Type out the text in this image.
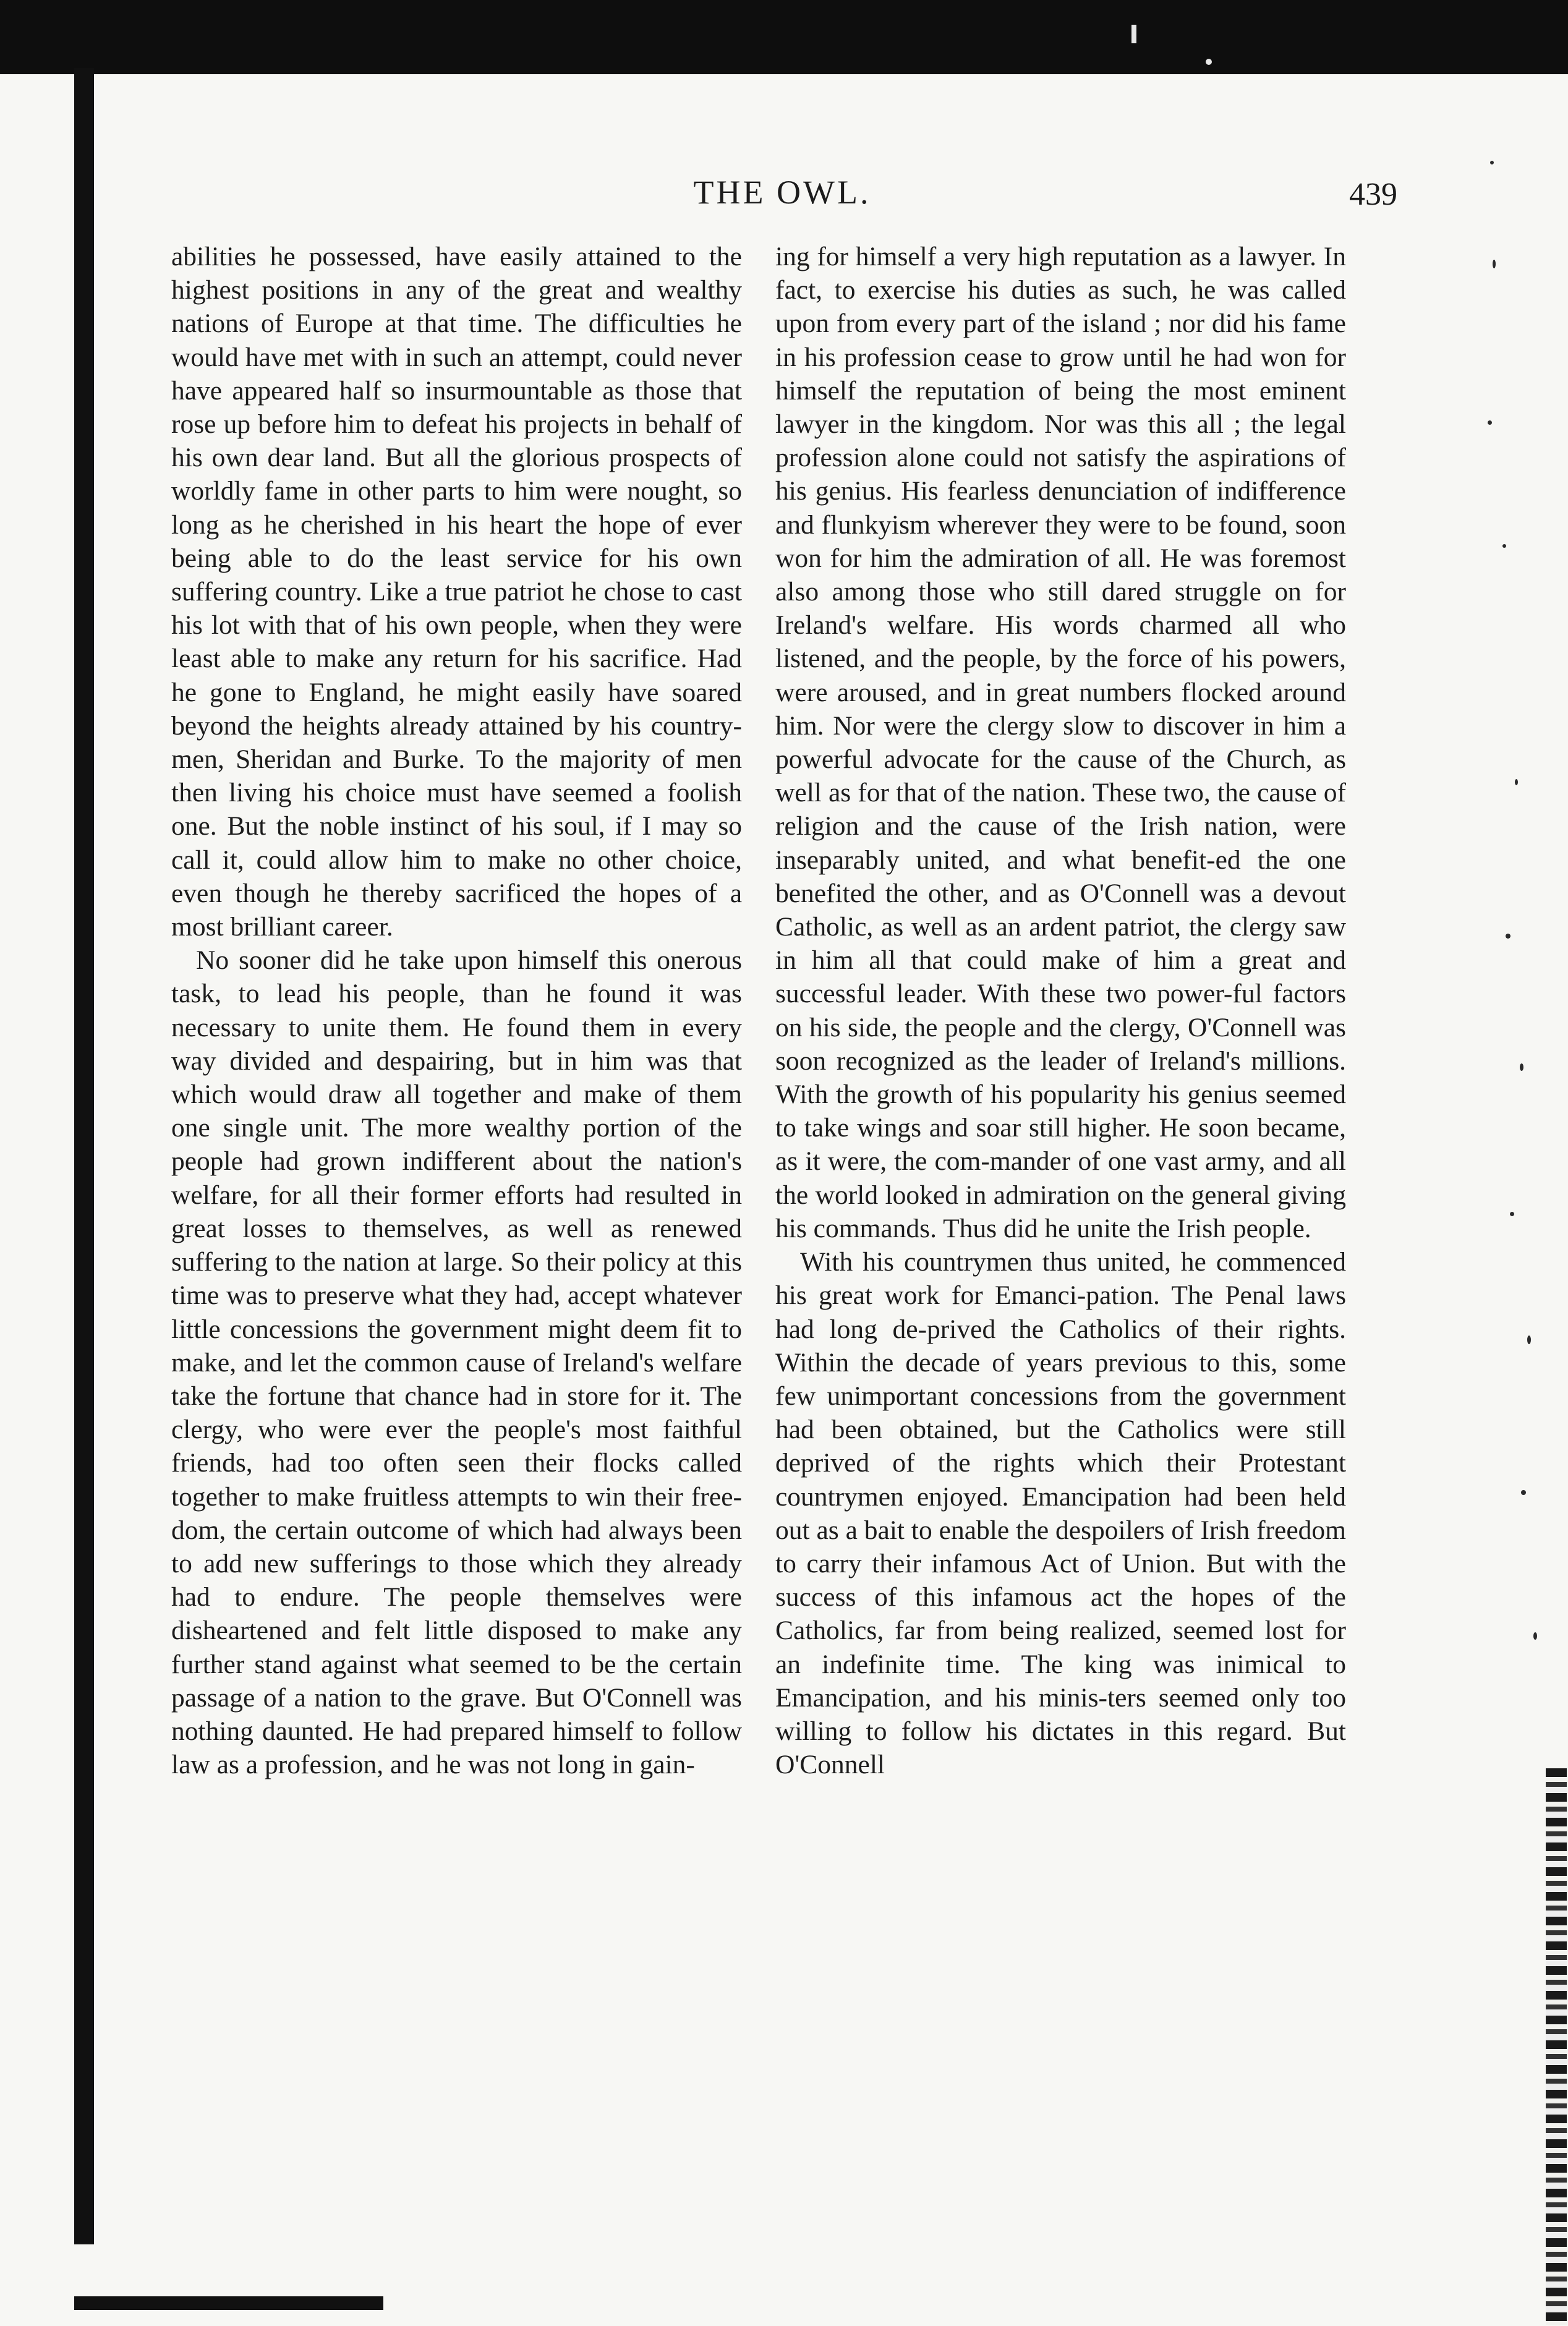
THE OWL.	439

abilities he possessed, have easily attained to the highest positions in any of the great and wealthy nations of Europe at that time. The difficulties he would have met with in such an attempt, could never have appeared half so insurmountable as those that rose up before him to defeat his projects in behalf of his own dear land. But all the glorious prospects of worldly fame in other parts to him were nought, so long as he cherished in his heart the hope of ever being able to do the least service for his own suffering country. Like a true patriot he chose to cast his lot with that of his own people, when they were least able to make any return for his sacrifice. Had he gone to England, he might easily have soared beyond the heights already attained by his country-men, Sheridan and Burke. To the majority of men then living his choice must have seemed a foolish one. But the noble instinct of his soul, if I may so call it, could allow him to make no other choice, even though he thereby sacrificed the hopes of a most brilliant career.

No sooner did he take upon himself this onerous task, to lead his people, than he found it was necessary to unite them. He found them in every way divided and despairing, but in him was that which would draw all together and make of them one single unit. The more wealthy portion of the people had grown indifferent about the nation's welfare, for all their former efforts had resulted in great losses to themselves, as well as renewed suffering to the nation at large. So their policy at this time was to preserve what they had, accept whatever little concessions the government might deem fit to make, and let the common cause of Ireland's welfare take the fortune that chance had in store for it. The clergy, who were ever the people's most faithful friends, had too often seen their flocks called together to make fruitless attempts to win their free-dom, the certain outcome of which had always been to add new sufferings to those which they already had to endure. The people themselves were disheartened and felt little disposed to make any further stand against what seemed to be the certain passage of a nation to the grave. But O'Connell was nothing daunted. He had prepared himself to follow law as a profession, and he was not long in gain-

ing for himself a very high reputation as a lawyer. In fact, to exercise his duties as such, he was called upon from every part of the island ; nor did his fame in his profession cease to grow until he had won for himself the reputation of being the most eminent lawyer in the kingdom. Nor was this all ; the legal profession alone could not satisfy the aspirations of his genius. His fearless denunciation of indifference and flunkyism wherever they were to be found, soon won for him the admiration of all. He was foremost also among those who still dared struggle on for Ireland's welfare. His words charmed all who listened, and the people, by the force of his powers, were aroused, and in great numbers flocked around him. Nor were the clergy slow to discover in him a powerful advocate for the cause of the Church, as well as for that of the nation. These two, the cause of religion and the cause of the Irish nation, were inseparably united, and what benefit-ed the one benefited the other, and as O'Connell was a devout Catholic, as well as an ardent patriot, the clergy saw in him all that could make of him a great and successful leader. With these two power-ful factors on his side, the people and the clergy, O'Connell was soon recognized as the leader of Ireland's millions. With the growth of his popularity his genius seemed to take wings and soar still higher. He soon became, as it were, the com-mander of one vast army, and all the world looked in admiration on the general giving his commands. Thus did he unite the Irish people.

With his countrymen thus united, he commenced his great work for Emanci-pation. The Penal laws had long de-prived the Catholics of their rights. Within the decade of years previous to this, some few unimportant concessions from the government had been obtained, but the Catholics were still deprived of the rights which their Protestant countrymen enjoyed. Emancipation had been held out as a bait to enable the despoilers of Irish freedom to carry their infamous Act of Union. But with the success of this infamous act the hopes of the Catholics, far from being realized, seemed lost for an indefinite time. The king was inimical to Emancipation, and his minis-ters seemed only too willing to follow his dictates in this regard. But O'Connell
